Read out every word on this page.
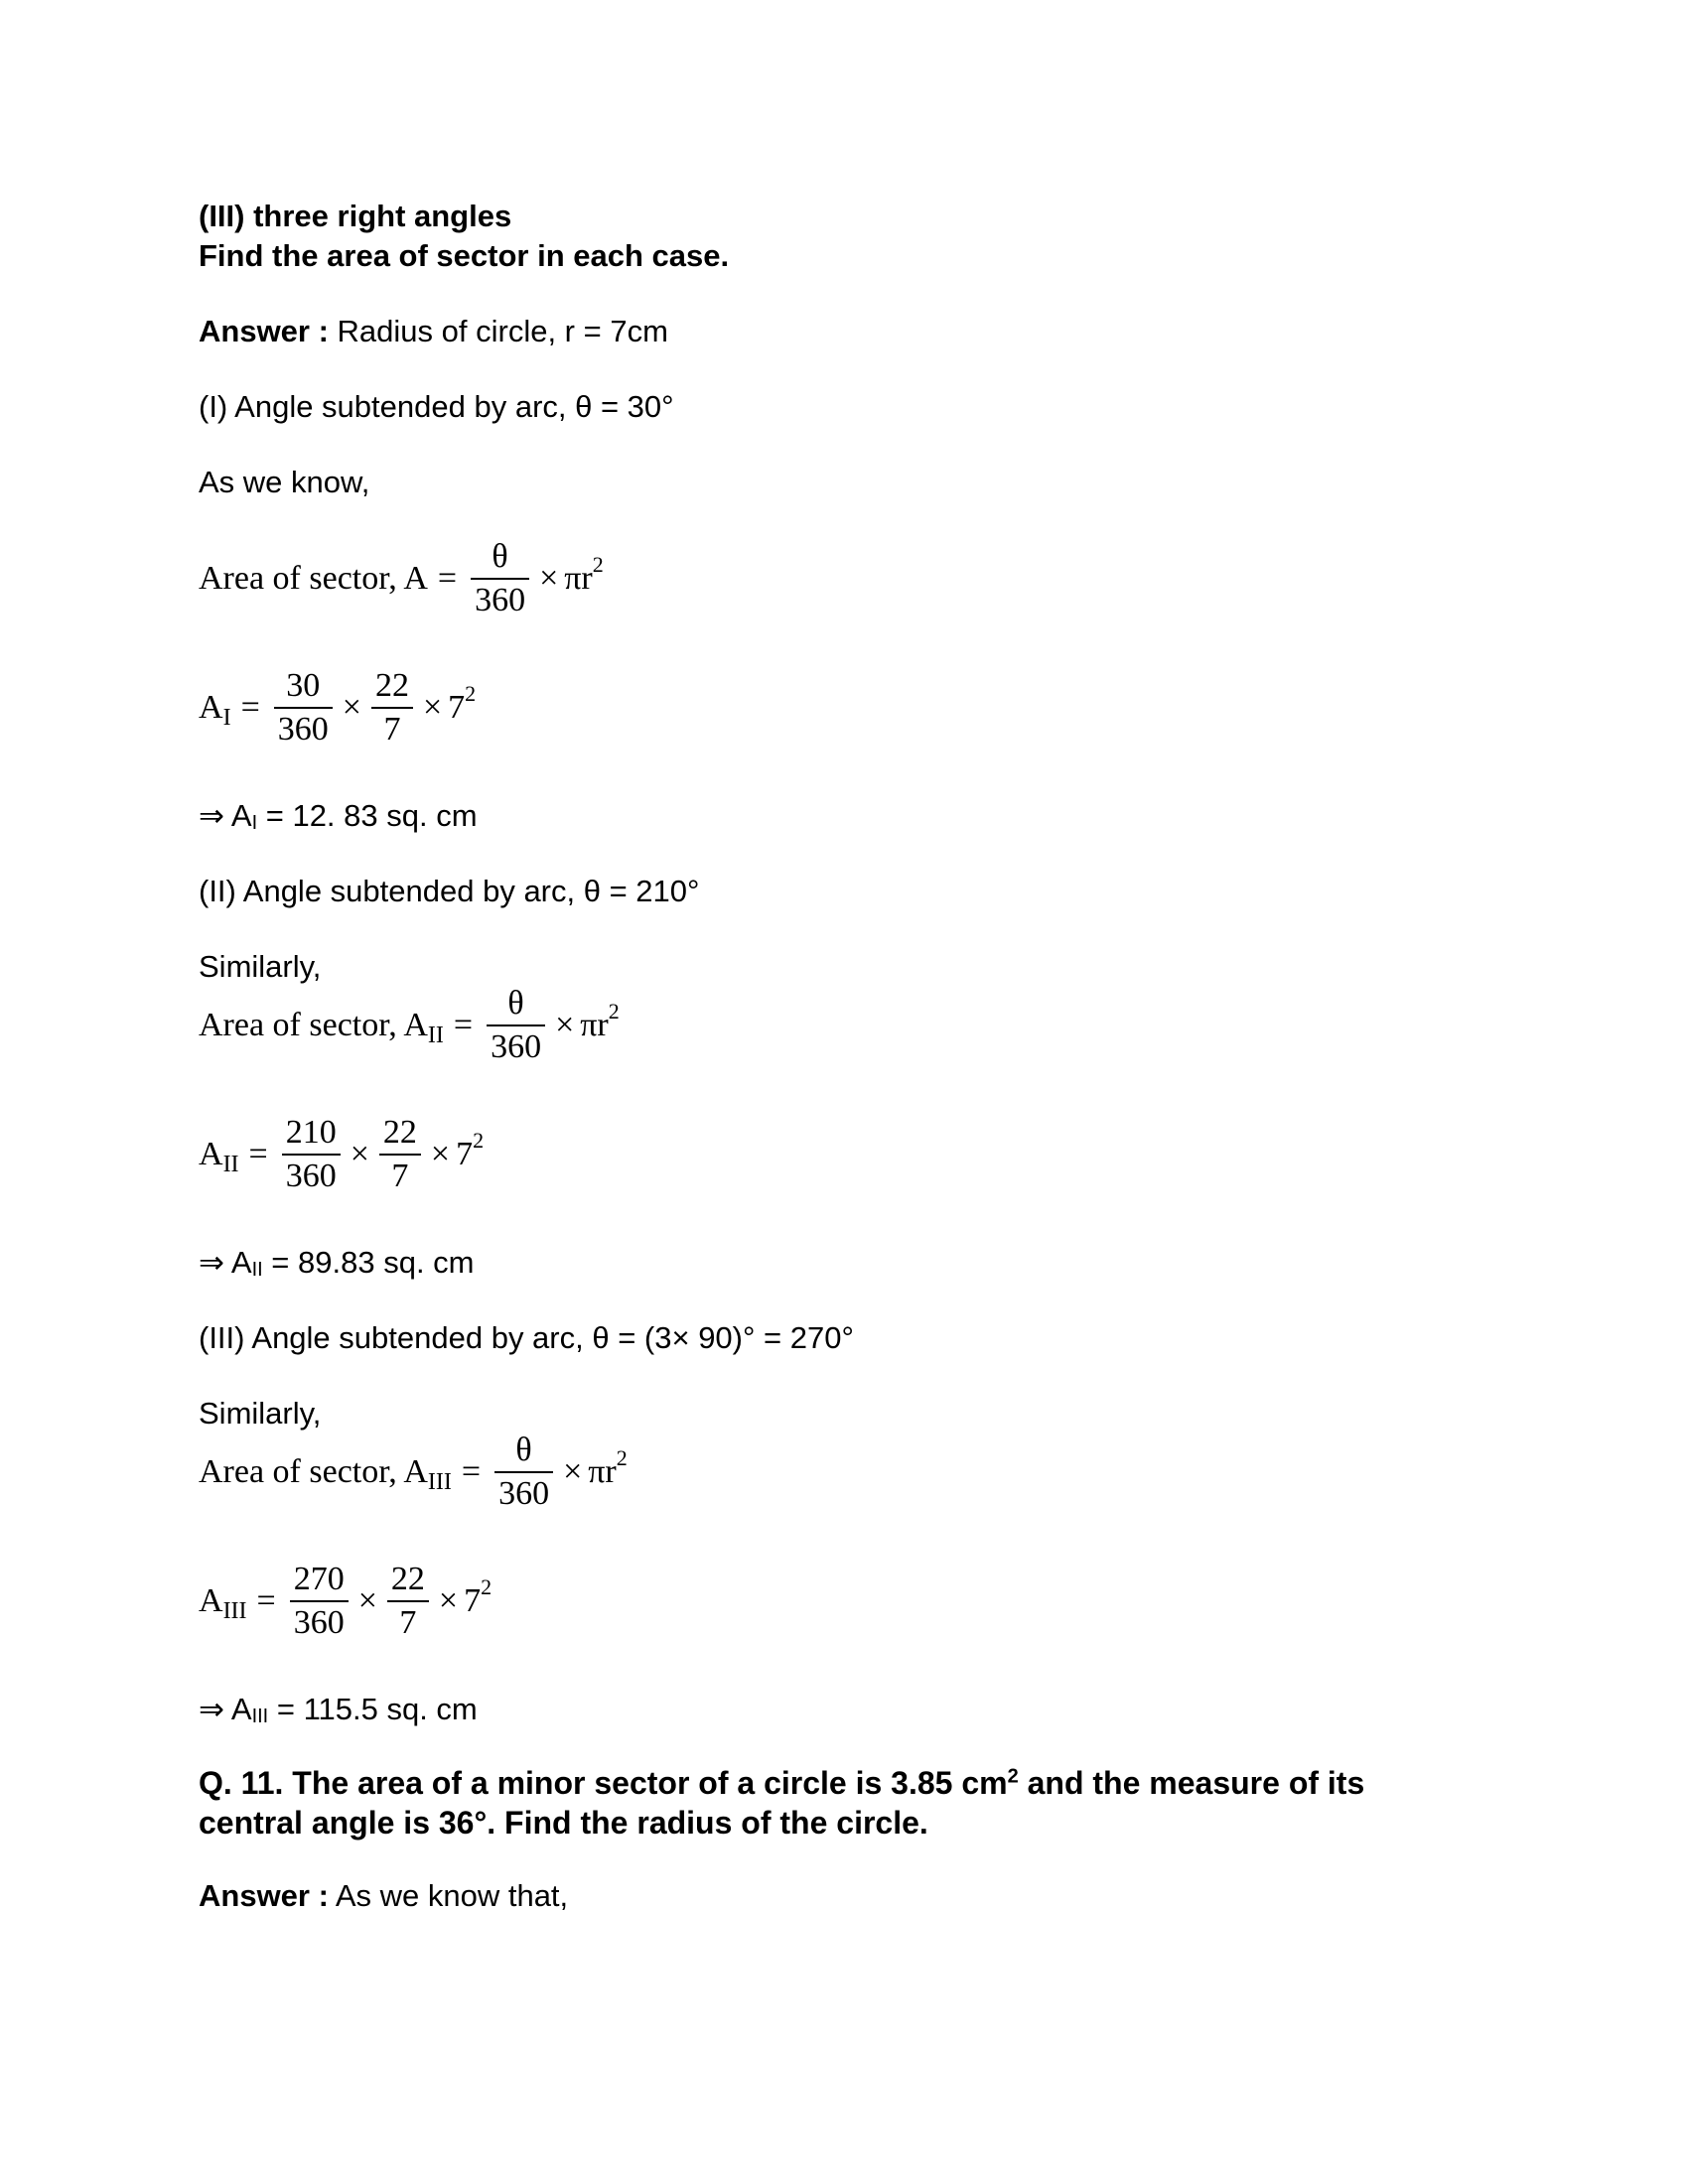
(III) three right angles
Find the area of sector in each case.
Answer : Radius of circle, r = 7cm
(I) Angle subtended by arc, θ = 30°
As we know,
Area of sector, $A = \frac{\theta}{360} \times \pi r$ 2
A $I = \frac{30}{360} \times \frac{22}{7} \times 7$ 2
⇒ AI = 12. 83 sq. cm
(II) Angle subtended by arc, θ = 210°
Similarly,
Area of sector, A II = $\frac{\theta}{360} \times \pi r$ 2
A II = $\frac{210}{360} \times \frac{22}{7} \times 7$ 2
⇒ AII = 89.83 sq. cm
(III) Angle subtended by arc, θ = (3× 90)° = 270°
Similarly,
Area of sector, A III = $\frac{\theta}{360} \times \pi r$ 2
A III = $\frac{270}{360} \times \frac{22}{7} \times 7$ 2
⇒ AIII = 115.5 sq. cm
Q. 11. The area of a minor sector of a circle is 3.85 $cm^2$ and the measure of its
central angle is 36°. Find the radius of the circle.
Answer : As we know that,
